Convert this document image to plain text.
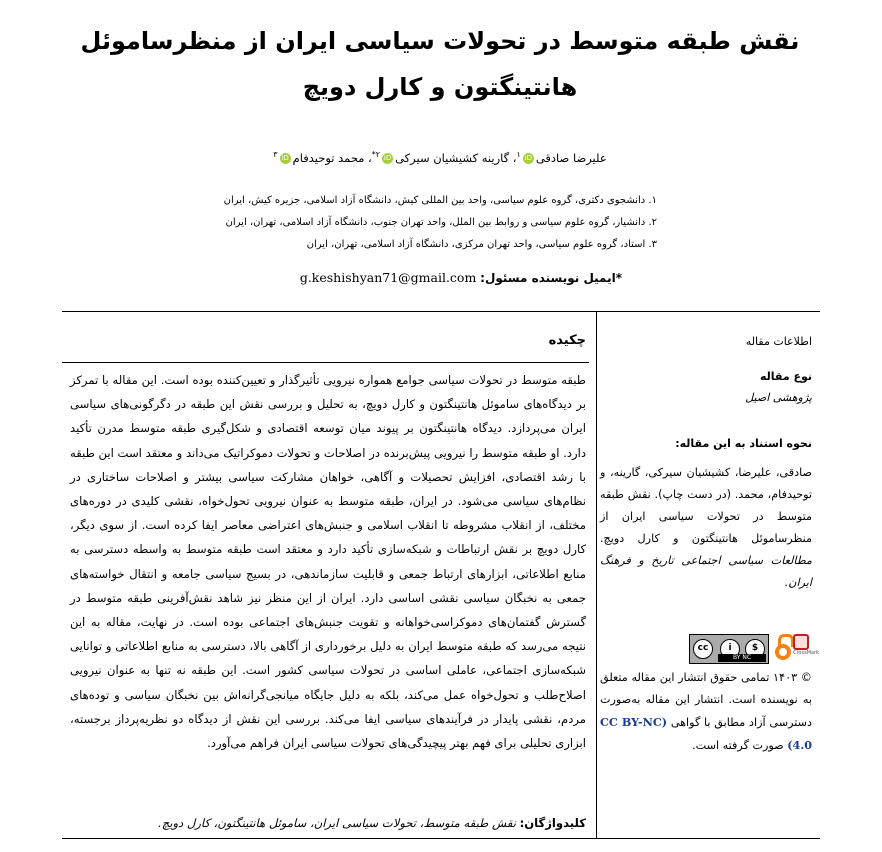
نقش طبقه متوسط در تحولات سیاسی ایران از منظرساموئل هانتینگتون و کارل دویچ
علیرضا صادقیiD$^۱$، گارینه کشیشیان سیرکیiD$^{۲*}$، محمد توحیدفامiD$^۳$
۱. دانشجوی دکتری، گروه علوم سیاسی، واحد بین المللی کیش، دانشگاه آزاد اسلامی، جزیره کیش، ایران
۲. دانشیار، گروه علوم سیاسی و روابط بین الملل، واحد تهران جنوب، دانشگاه آزاد اسلامی، تهران، ایران
۳. استاد، گروه علوم سیاسی، واحد تهران مرکزی، دانشگاه آزاد اسلامی، تهران، ایران
*ایمیل نویسنده مسئول: g.keshishyan71@gmail.com
اطلاعات مقاله
نوع مقاله
پژوهشی اصیل
نحوه استناد به این مقاله:
صادقی، علیرضا، کشیشیان سیرکی، گارینه، و توحیدفام، محمد. (در دست چاپ). نقش طبقه متوسط در تحولات سیاسی ایران از منظرساموئل هانتینگتون و کارل دویچ. مطالعات سیاسی اجتماعی تاریخ و فرهنگ ایران.
cc	i	$
BY NC
CrossMark
© ۱۴۰۳ تمامی حقوق انتشار این مقاله متعلق به نویسنده است. انتشار این مقاله به‌صورت دسترسی آزاد مطابق با گواهی (CC BY-NC 4.0) صورت گرفته است.
چکیده
طبقه متوسط در تحولات سیاسی جوامع همواره نیرویی تأثیرگذار و تعیین‌کننده بوده است. این مقاله با تمرکز بر دیدگاه‌های ساموئل هانتینگتون و کارل دویچ، به تحلیل و بررسی نقش این طبقه در دگرگونی‌های سیاسی ایران می‌پردازد. دیدگاه هانتینگتون بر پیوند میان توسعه اقتصادی و شکل‌گیری طبقه متوسط مدرن تأکید دارد. او طبقه متوسط را نیرویی پیش‌برنده در اصلاحات و تحولات دموکراتیک می‌داند و معتقد است این طبقه با رشد اقتصادی، افزایش تحصیلات و آگاهی، خواهان مشارکت سیاسی بیشتر و اصلاحات ساختاری در نظام‌های سیاسی می‌شود. در ایران، طبقه متوسط به عنوان نیرویی تحول‌خواه، نقشی کلیدی در دوره‌های مختلف، از انقلاب مشروطه تا انقلاب اسلامی و جنبش‌های اعتراضی معاصر ایفا کرده است. از سوی دیگر، کارل دویچ بر نقش ارتباطات و شبکه‌سازی تأکید دارد و معتقد است طبقه متوسط به واسطه دسترسی به منابع اطلاعاتی، ابزارهای ارتباط جمعی و قابلیت سازماندهی، در بسیج سیاسی جامعه و انتقال خواسته‌های جمعی به نخبگان سیاسی نقشی اساسی دارد. ایران از این منظر نیز شاهد نقش‌آفرینی طبقه متوسط در گسترش گفتمان‌های دموکراسی‌خواهانه و تقویت جنبش‌های اجتماعی بوده است. در نهایت، مقاله به این نتیجه می‌رسد که طبقه متوسط ایران به دلیل برخورداری از آگاهی بالا، دسترسی به منابع اطلاعاتی و توانایی شبکه‌سازی اجتماعی، عاملی اساسی در تحولات سیاسی کشور است. این طبقه نه تنها به عنوان نیرویی اصلاح‌طلب و تحول‌خواه عمل می‌کند، بلکه به دلیل جایگاه میانجی‌گرانه‌اش بین نخبگان سیاسی و توده‌های مردم، نقشی پایدار در فرآیندهای سیاسی ایفا می‌کند. بررسی این نقش از دیدگاه دو نظریه‌پرداز برجسته، ابزاری تحلیلی برای فهم بهتر پیچیدگی‌های تحولات سیاسی ایران فراهم می‌آورد.
کلیدواژگان: نقش طبقه متوسط، تحولات سیاسی ایران، ساموئل هانتینگتون، کارل دویچ.
